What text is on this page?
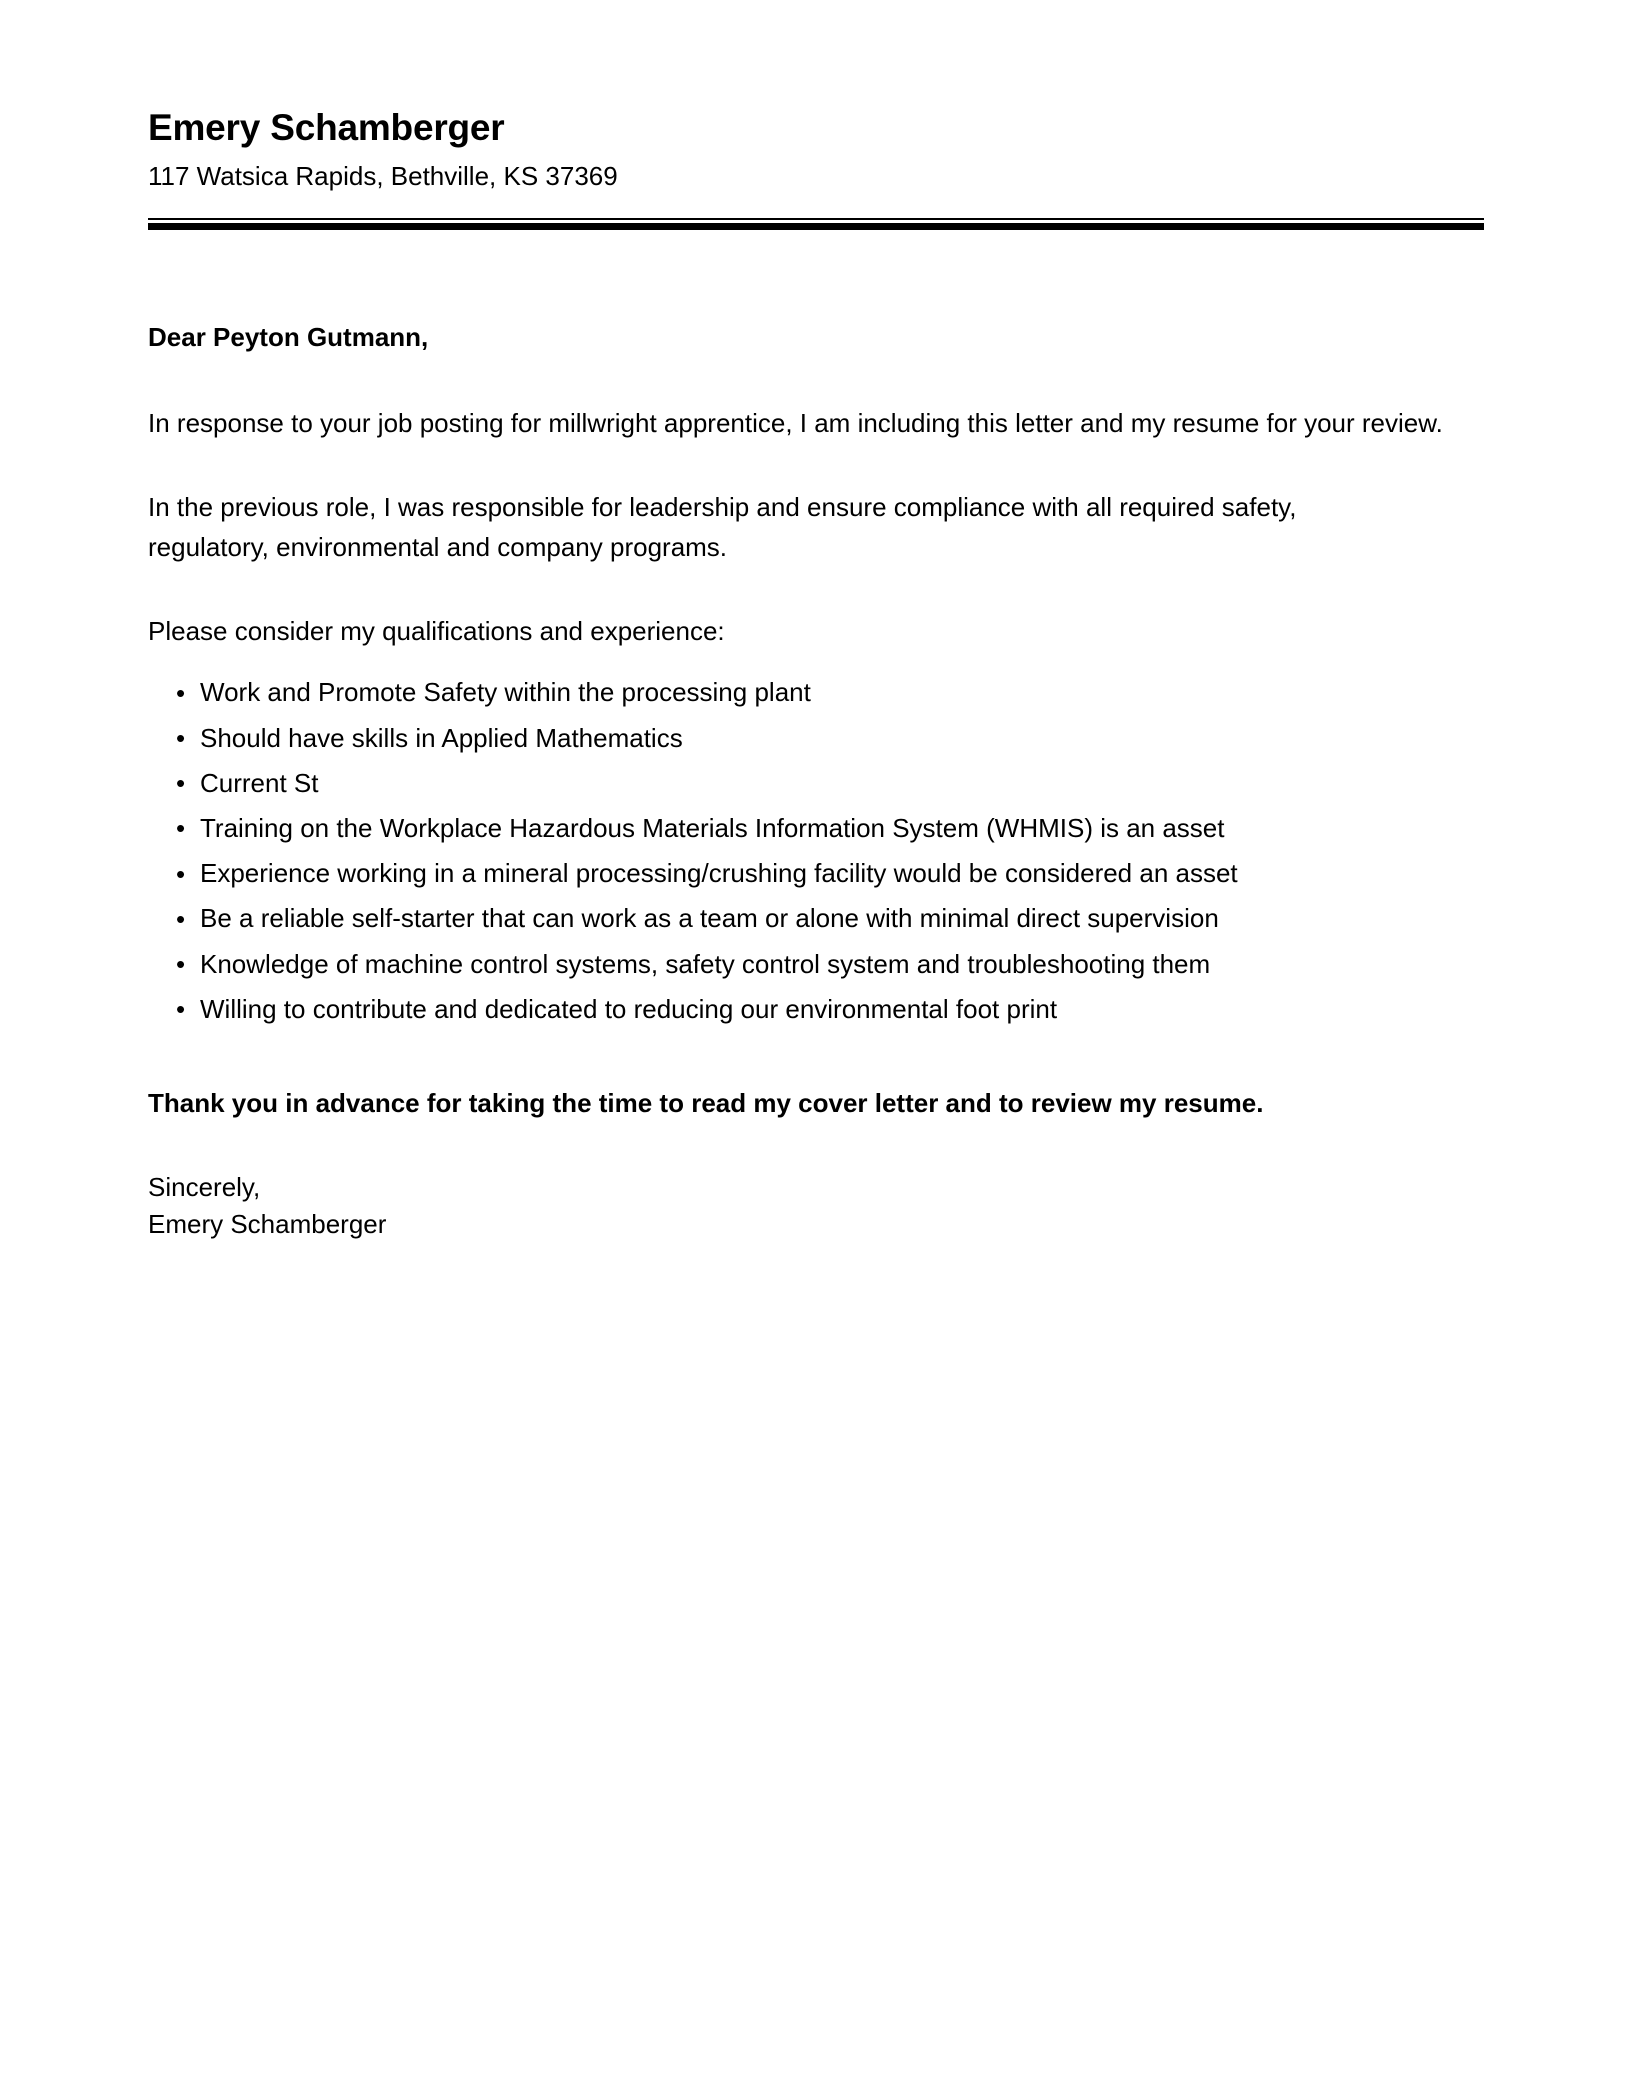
Emery Schamberger
117 Watsica Rapids, Bethville, KS 37369

Dear Peyton Gutmann,

In response to your job posting for millwright apprentice, I am including this letter and my resume for your review.

In the previous role, I was responsible for leadership and ensure compliance with all required safety, regulatory, environmental and company programs.

Please consider my qualifications and experience:

• Work and Promote Safety within the processing plant
• Should have skills in Applied Mathematics
• Current St
• Training on the Workplace Hazardous Materials Information System (WHMIS) is an asset
• Experience working in a mineral processing/crushing facility would be considered an asset
• Be a reliable self-starter that can work as a team or alone with minimal direct supervision
• Knowledge of machine control systems, safety control system and troubleshooting them
• Willing to contribute and dedicated to reducing our environmental foot print

Thank you in advance for taking the time to read my cover letter and to review my resume.

Sincerely,
Emery Schamberger
